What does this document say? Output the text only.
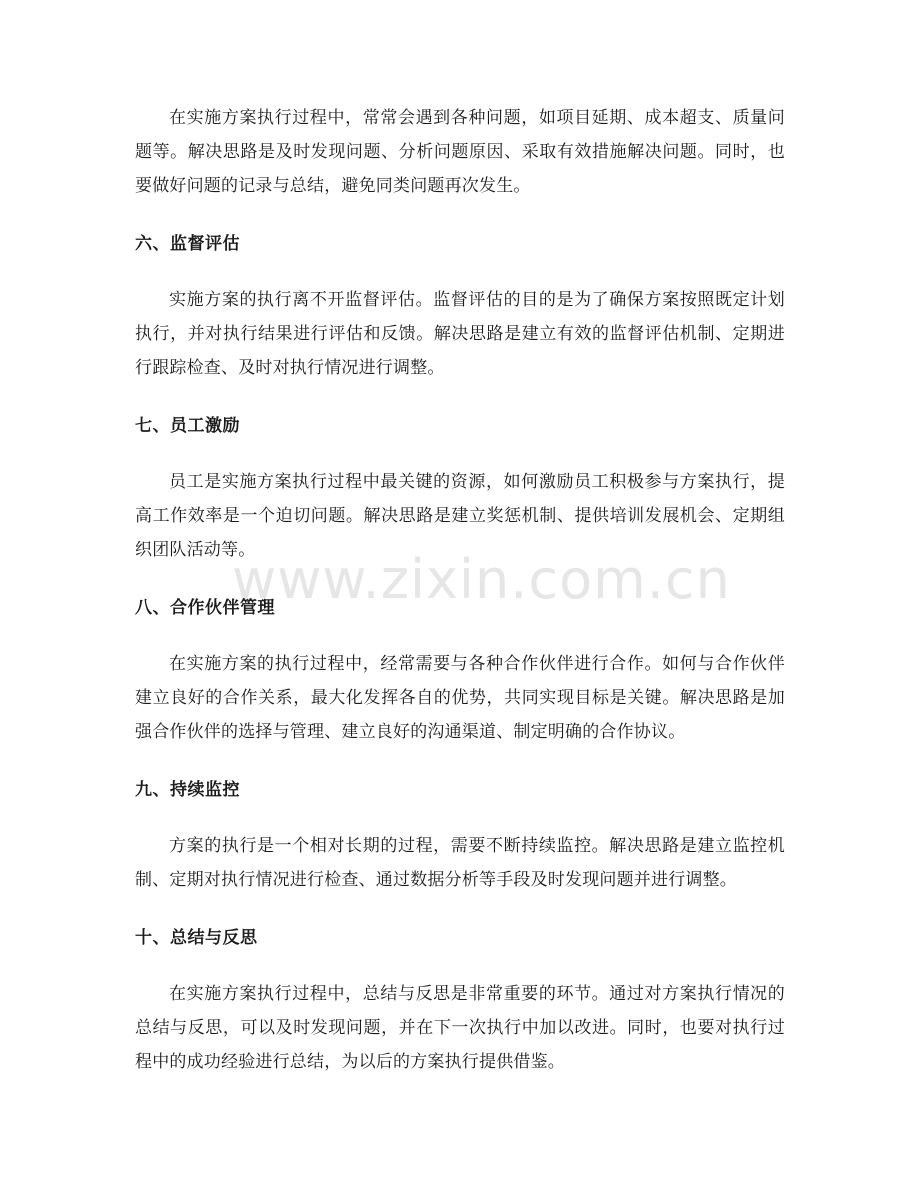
在实施方案执行过程中，常常会遇到各种问题，如项目延期、成本超支、质量问题等。解决思路是及时发现问题、分析问题原因、采取有效措施解决问题。同时，也要做好问题的记录与总结，避免同类问题再次发生。

六、监督评估

实施方案的执行离不开监督评估。监督评估的目的是为了确保方案按照既定计划执行，并对执行结果进行评估和反馈。解决思路是建立有效的监督评估机制、定期进行跟踪检查、及时对执行情况进行调整。

七、员工激励

员工是实施方案执行过程中最关键的资源，如何激励员工积极参与方案执行，提高工作效率是一个迫切问题。解决思路是建立奖惩机制、提供培训发展机会、定期组织团队活动等。

八、合作伙伴管理

在实施方案的执行过程中，经常需要与各种合作伙伴进行合作。如何与合作伙伴建立良好的合作关系，最大化发挥各自的优势，共同实现目标是关键。解决思路是加强合作伙伴的选择与管理、建立良好的沟通渠道、制定明确的合作协议。

九、持续监控

方案的执行是一个相对长期的过程，需要不断持续监控。解决思路是建立监控机制、定期对执行情况进行检查、通过数据分析等手段及时发现问题并进行调整。

十、总结与反思

在实施方案执行过程中，总结与反思是非常重要的环节。通过对方案执行情况的总结与反思，可以及时发现问题，并在下一次执行中加以改进。同时，也要对执行过程中的成功经验进行总结，为以后的方案执行提供借鉴。

www.zixin.com.cn
